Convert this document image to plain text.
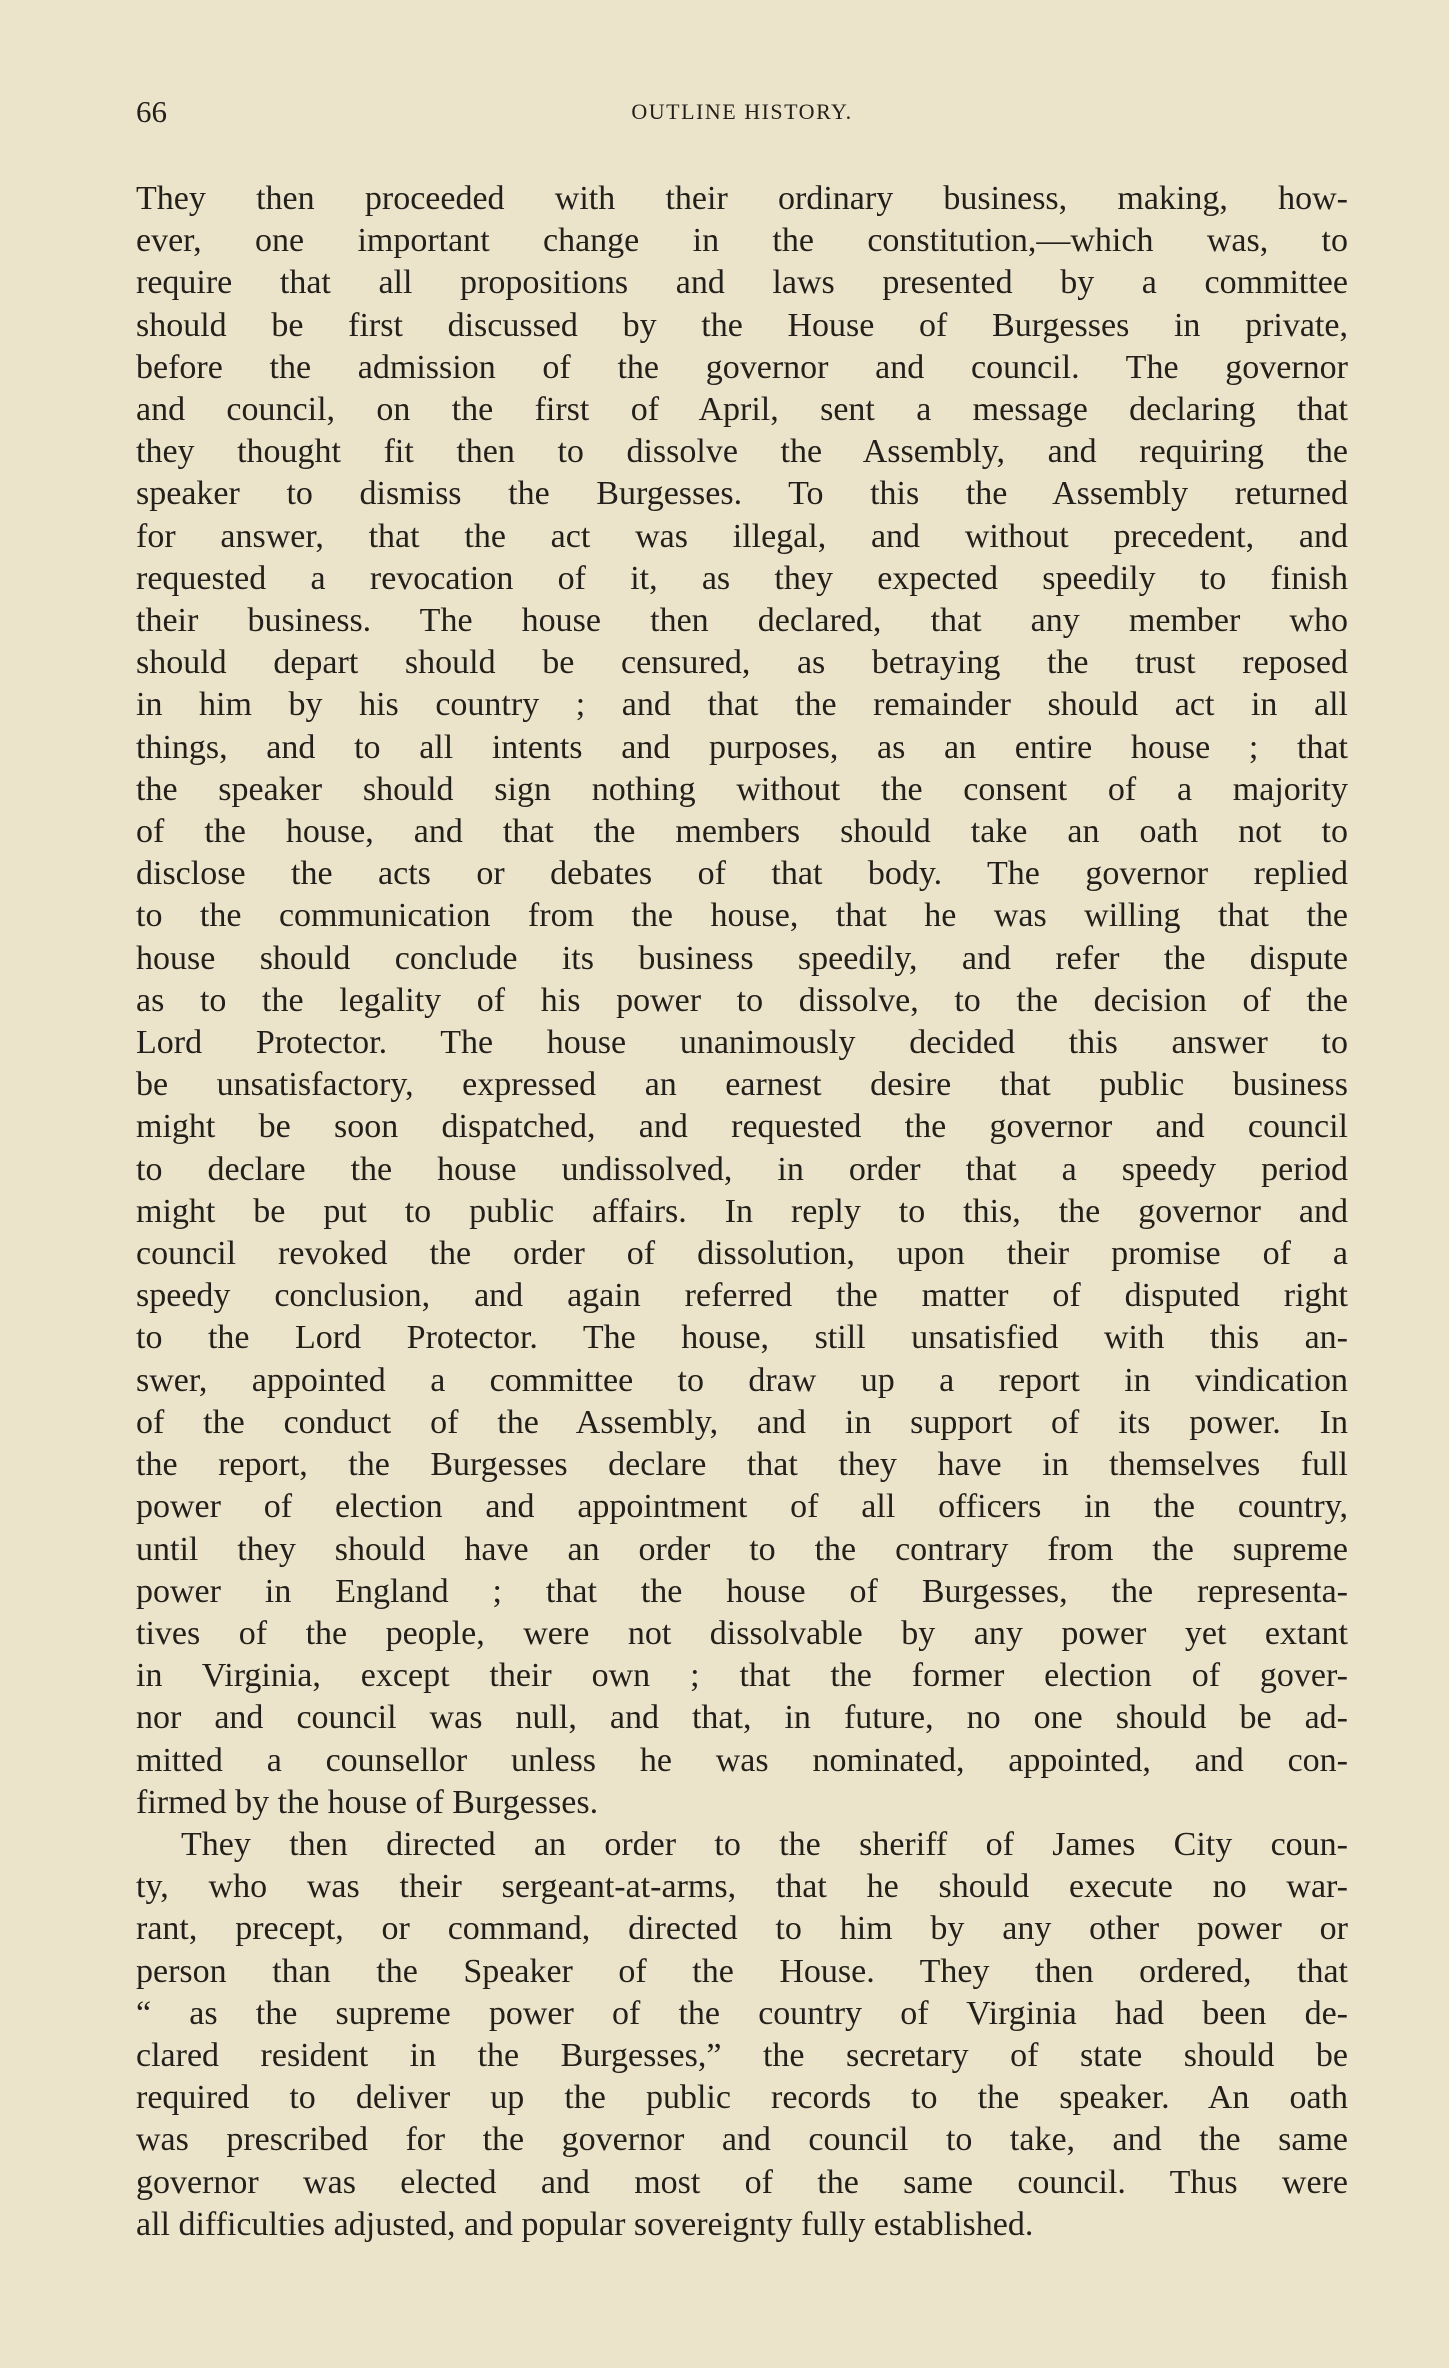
66	OUTLINE HISTORY.

They then proceeded with their ordinary business, making, how-
ever, one important change in the constitution,—which was, to
require that all propositions and laws presented by a committee
should be first discussed by the House of Burgesses in private,
before the admission of the governor and council. The governor
and council, on the first of April, sent a message declaring that
they thought fit then to dissolve the Assembly, and requiring the
speaker to dismiss the Burgesses. To this the Assembly returned
for answer, that the act was illegal, and without precedent, and
requested a revocation of it, as they expected speedily to finish
their business. The house then declared, that any member who
should depart should be censured, as betraying the trust reposed
in him by his country ; and that the remainder should act in all
things, and to all intents and purposes, as an entire house ; that
the speaker should sign nothing without the consent of a majority
of the house, and that the members should take an oath not to
disclose the acts or debates of that body. The governor replied
to the communication from the house, that he was willing that the
house should conclude its business speedily, and refer the dispute
as to the legality of his power to dissolve, to the decision of the
Lord Protector. The house unanimously decided this answer to
be unsatisfactory, expressed an earnest desire that public business
might be soon dispatched, and requested the governor and council
to declare the house undissolved, in order that a speedy period
might be put to public affairs. In reply to this, the governor and
council revoked the order of dissolution, upon their promise of a
speedy conclusion, and again referred the matter of disputed right
to the Lord Protector. The house, still unsatisfied with this an-
swer, appointed a committee to draw up a report in vindication
of the conduct of the Assembly, and in support of its power. In
the report, the Burgesses declare that they have in themselves full
power of election and appointment of all officers in the country,
until they should have an order to the contrary from the supreme
power in England ; that the house of Burgesses, the representa-
tives of the people, were not dissolvable by any power yet extant
in Virginia, except their own ; that the former election of gover-
nor and council was null, and that, in future, no one should be ad-
mitted a counsellor unless he was nominated, appointed, and con-
firmed by the house of Burgesses.

They then directed an order to the sheriff of James City coun-
ty, who was their sergeant-at-arms, that he should execute no war-
rant, precept, or command, directed to him by any other power or
person than the Speaker of the House. They then ordered, that
“ as the supreme power of the country of Virginia had been de-
clared resident in the Burgesses,” the secretary of state should be
required to deliver up the public records to the speaker. An oath
was prescribed for the governor and council to take, and the same
governor was elected and most of the same council. Thus were
all difficulties adjusted, and popular sovereignty fully established.
